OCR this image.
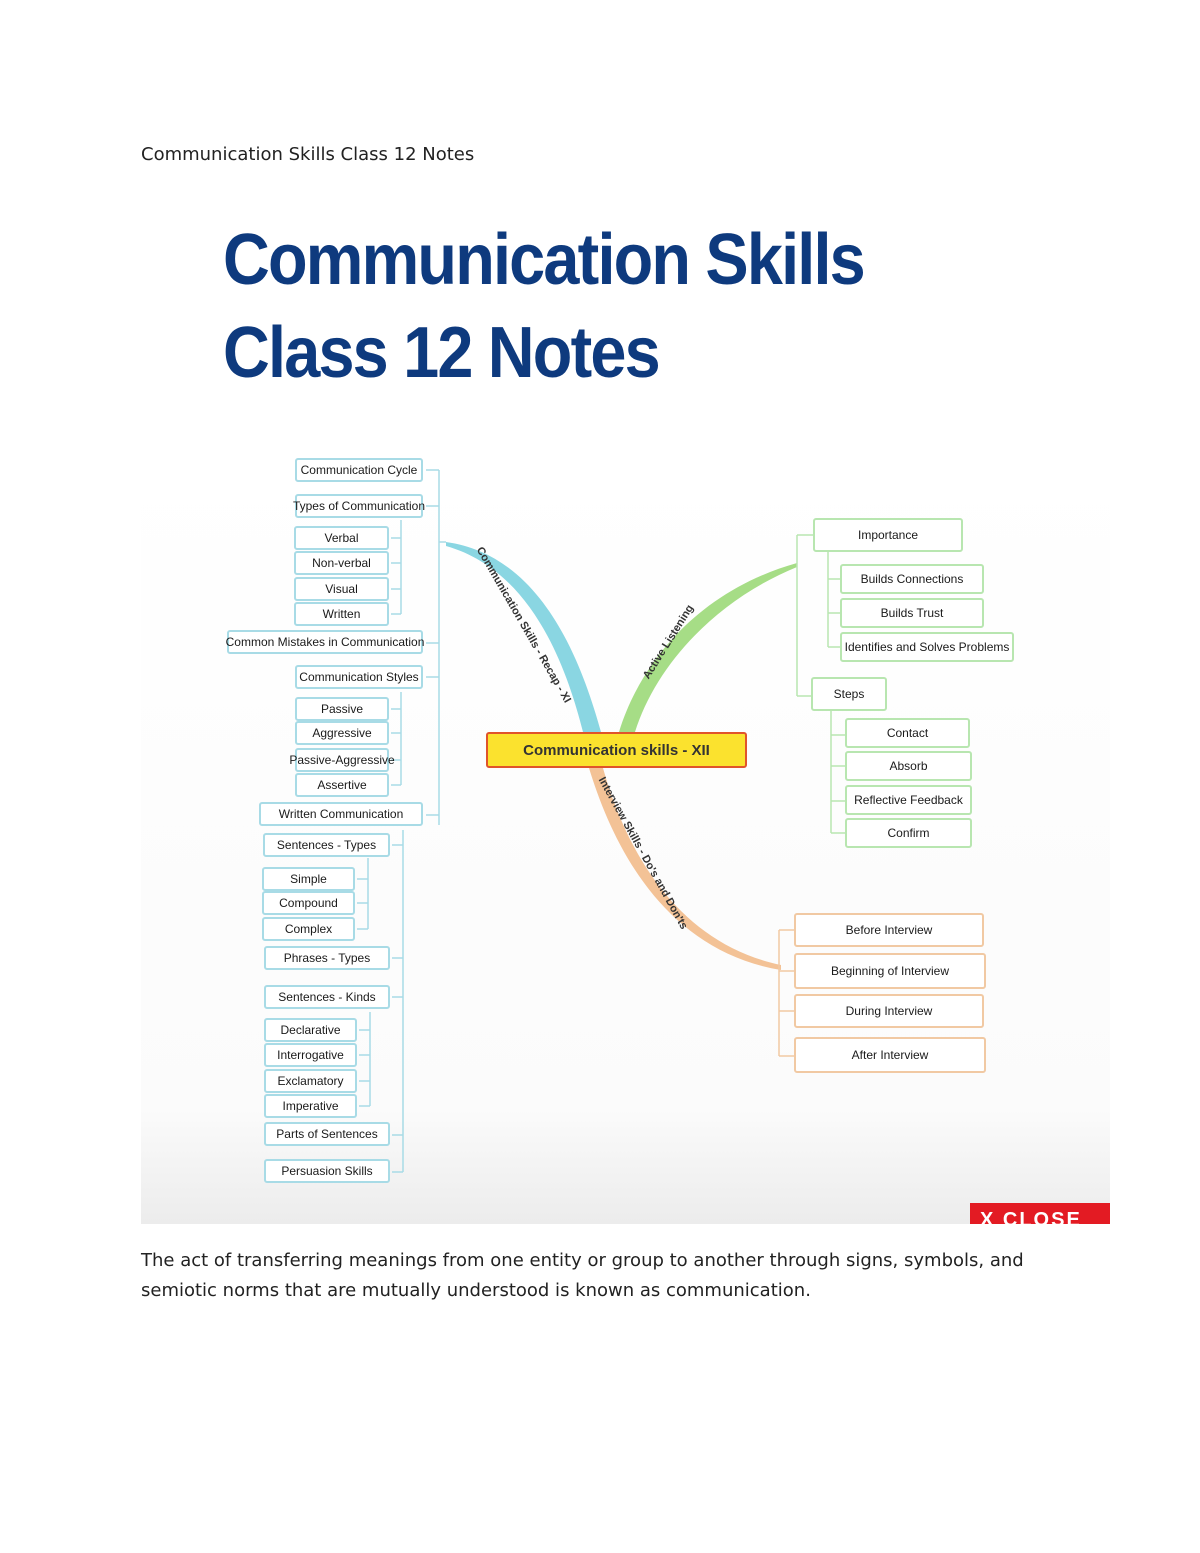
Communication Skills Class 12 Notes
Communication Skills Class 12 Notes
Communication Skills - Recap - XI	Active Listening
Interview Skills - Do's and Don'ts
Communication skills - XII
Communication Cycle
Types of Communication
Verbal
Non-verbal
Visual
Written
Common Mistakes in Communication
Communication Styles
Passive
Aggressive
Passive-Aggressive
Assertive
Written Communication
Sentences - Types
Simple
Compound
Complex
Phrases - Types
Sentences - Kinds
Declarative
Interrogative
Exclamatory
Imperative
Parts of Sentences
Persuasion Skills
Importance
Builds Connections
Builds Trust
Identifies and Solves Problems
Steps
Contact
Absorb
Reflective Feedback
Confirm
Before Interview
Beginning of Interview
During Interview
After Interview
X CLOSE
The act of transferring meanings from one entity or group to another through signs, symbols, and semiotic norms that are mutually understood is known as communication.
